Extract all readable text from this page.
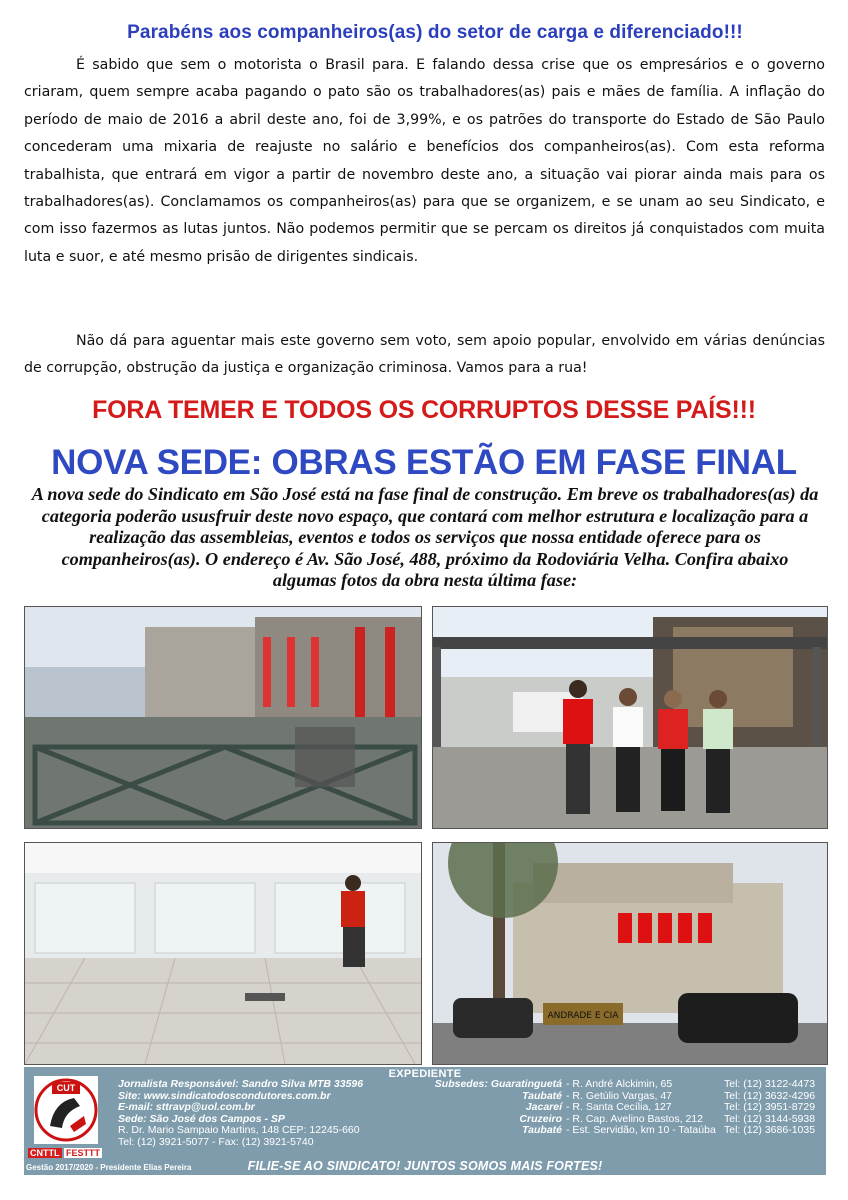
Parabéns aos companheiros(as) do setor de carga e diferenciado!!!

É sabido que sem o motorista o Brasil para. E falando dessa crise que os empresários e o governo criaram, quem sempre acaba pagando o pato são os trabalhadores(as) pais e mães de família. A inflação do período de maio de 2016 a abril deste ano, foi de 3,99%, e os patrões do transporte do Estado de São Paulo concederam uma mixaria de reajuste no salário e benefícios dos companheiros(as). Com esta reforma trabalhista, que entrará em vigor a partir de novembro deste ano, a situação vai piorar ainda mais para os trabalhadores(as). Conclamamos os companheiros(as) para que se organizem, e se unam ao seu Sindicato, e com isso fazermos as lutas juntos. Não podemos permitir que se percam os direitos já conquistados com muita luta e suor, e até mesmo prisão de dirigentes sindicais.

Não dá para aguentar mais este governo sem voto, sem apoio popular, envolvido em várias denúncias de corrupção, obstrução da justiça e organização criminosa. Vamos para a rua!

FORA TEMER E TODOS OS CORRUPTOS DESSE PAÍS!!!
NOVA SEDE: OBRAS ESTÃO EM FASE FINAL

A nova sede do Sindicato em São José está na fase final de construção. Em breve os trabalhadores(as) da categoria poderão ususfruir deste novo espaço, que contará com melhor estrutura e localização para a realização das assembleias, eventos e todos os serviços que nossa entidade oferece para os companheiros(as). O endereço é Av. São José, 488, próximo da Rodoviária Velha. Confira abaixo algumas fotos da obra nesta última fase:

ANDRADE E CIA
EXPEDIENTE
CUT
CNTTL FESTTT
Gestão 2017/2020 - Presidente Elias Pereira
Jornalista Responsável: Sandro Silva MTB 33596
Site: www.sindicatodoscondutores.com.br
E-mail: sttravp@uol.com.br
Sede: São José dos Campos - SP
R. Dr. Mario Sampaio Martins, 148 CEP: 12245-660
Tel: (12) 3921-5077 - Fax: (12) 3921-5740
Subsedes: Guaratinguetá - R. André Alckimin, 65	Tel: (12) 3122-4473
Taubaté - R. Getúlio Vargas, 47	Tel: (12) 3632-4296
Jacareí - R. Santa Cecília, 127	Tel: (12) 3951-8729
Cruzeiro - R. Cap. Avelino Bastos, 212 Tel: (12) 3144-5938
Taubaté - Est. Servidão, km 10 - Tataúba Tel: (12) 3686-1035
FILIE-SE AO SINDICATO! JUNTOS SOMOS MAIS FORTES!
